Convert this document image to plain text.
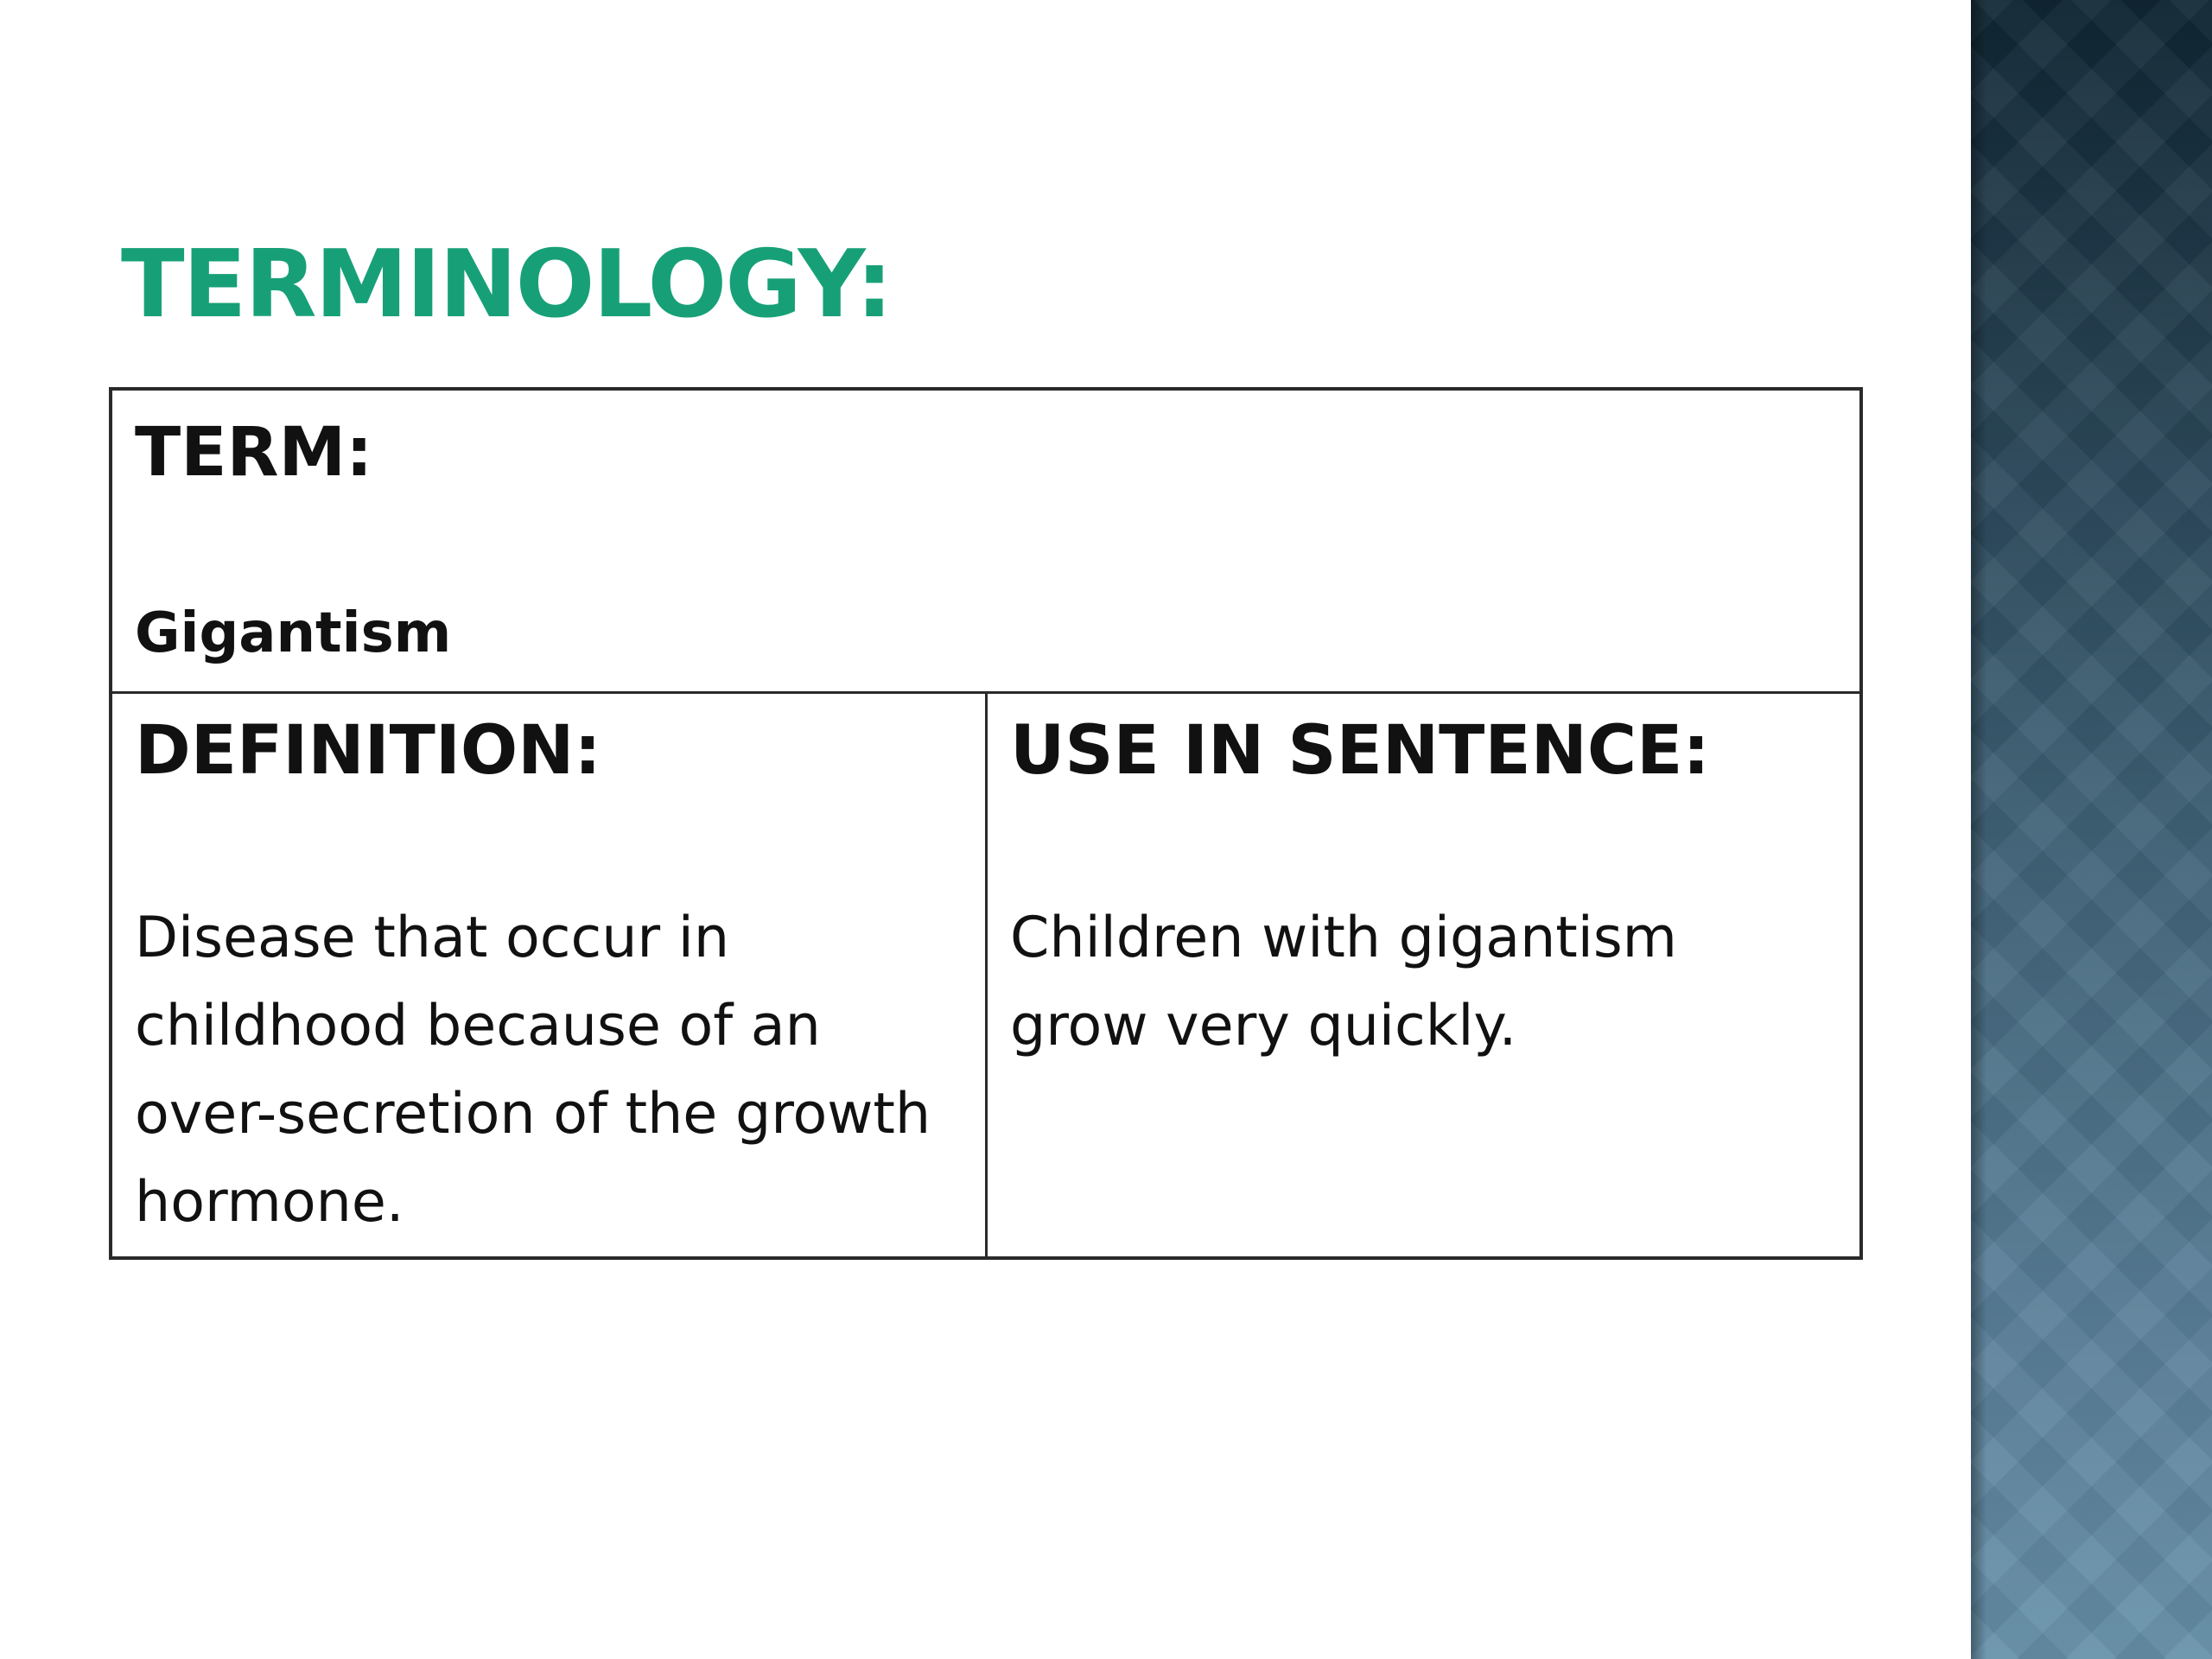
TERMINOLOGY:

TERM:

Gigantism

DEFINITION:

Disease that occur in childhood because of an over-secretion of the growth hormone.

USE IN SENTENCE:

Children with gigantism grow very quickly.
